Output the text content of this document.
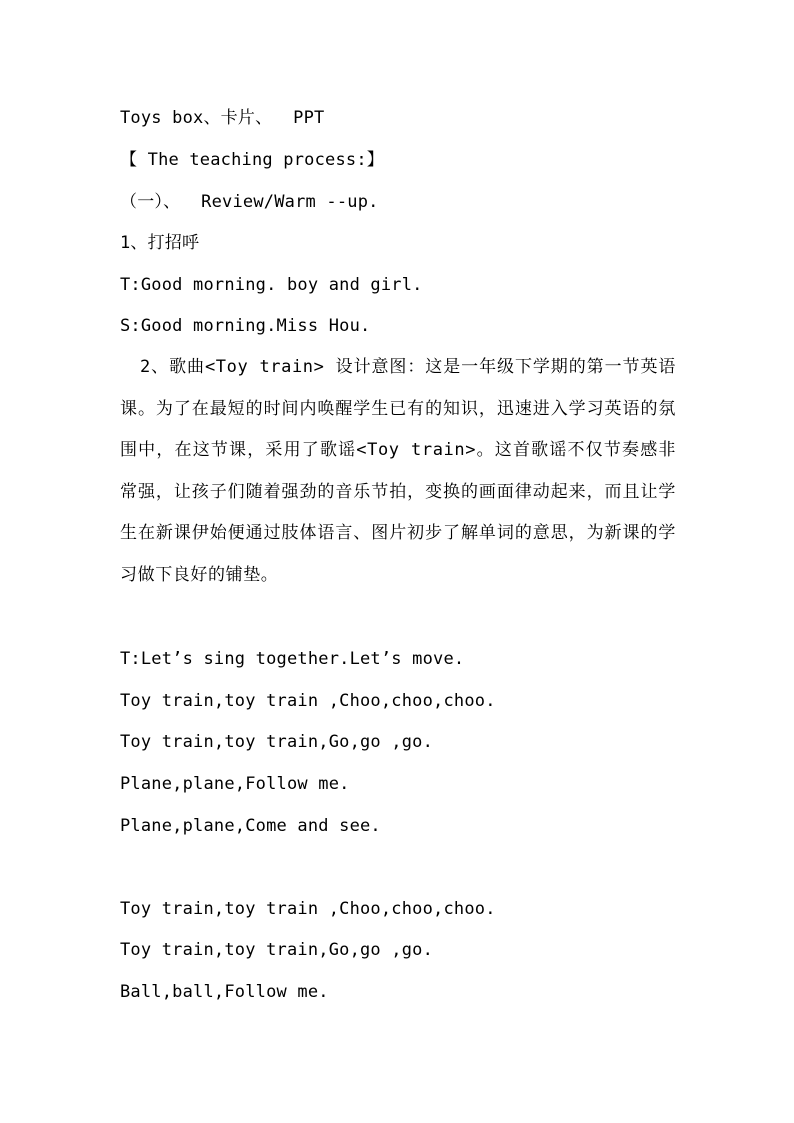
Toys box、卡片、  PPT
【 The teaching process:】
（一）、  Review/Warm --up.
1、打招呼
T:Good morning. boy and girl.
S:Good morning.Miss Hou.
2、歌曲<Toy train> 设计意图：这是一年级下学期的第一节英语课。为了在最短的时间内唤醒学生已有的知识，迅速进入学习英语的氛围中，在这节课，采用了歌谣<Toy train>。这首歌谣不仅节奏感非常强，让孩子们随着强劲的音乐节拍，变换的画面律动起来，而且让学生在新课伊始便通过肢体语言、图片初步了解单词的意思，为新课的学习做下良好的铺垫。
T:Let’s sing together.Let’s move.
Toy train,toy train ,Choo,choo,choo.
Toy train,toy train,Go,go ,go.
Plane,plane,Follow me.
Plane,plane,Come and see.
Toy train,toy train ,Choo,choo,choo.
Toy train,toy train,Go,go ,go.
Ball,ball,Follow me.
